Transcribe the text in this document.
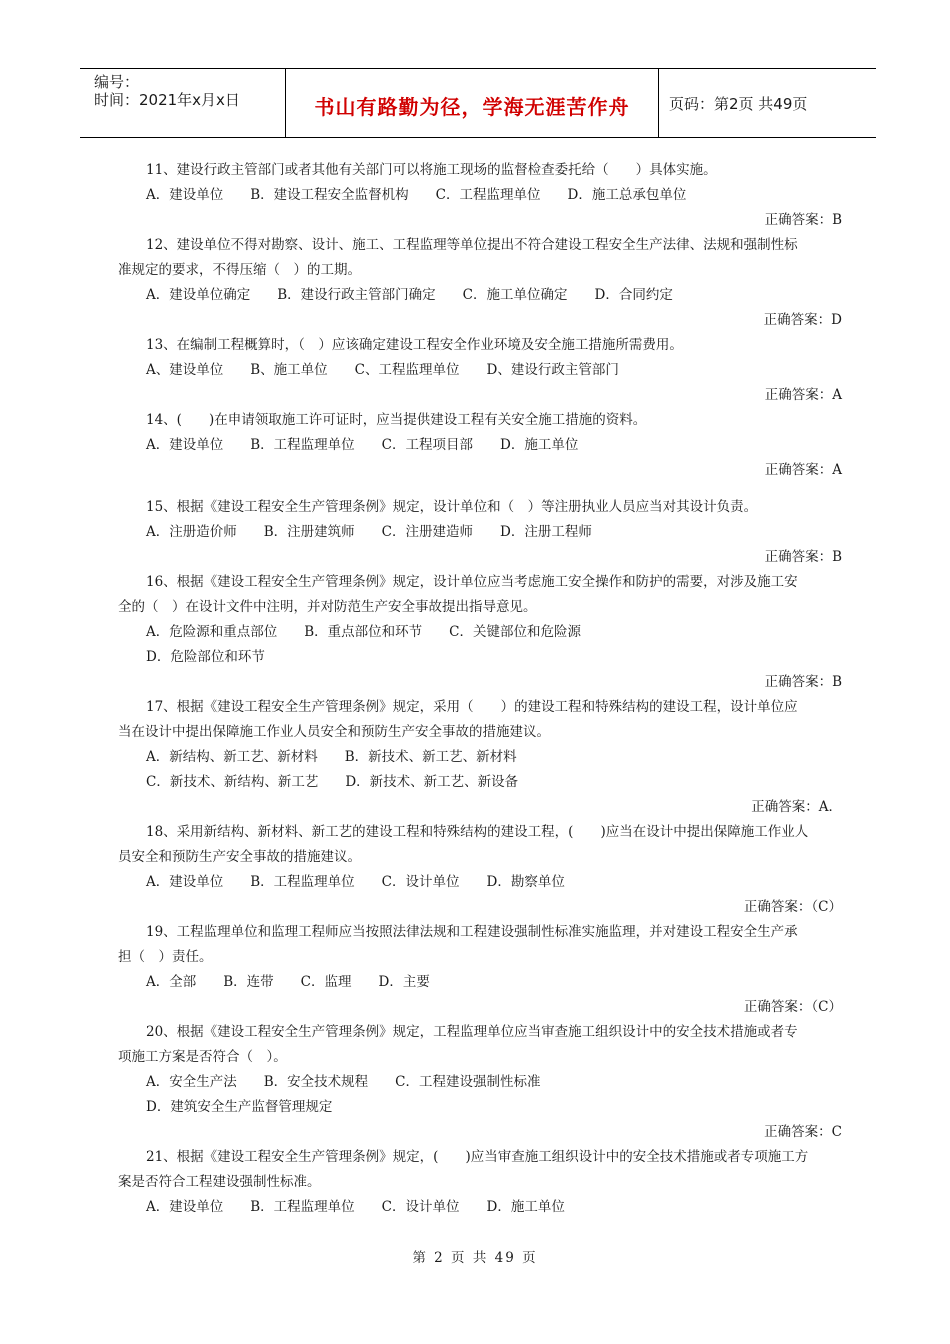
编号：
时间：2021年x月x日	书山有路勤为径，学海无涯苦作舟	页码：第2页 共49页
11、建设行政主管部门或者其他有关部门可以将施工现场的监督检查委托给（　　）具体实施。
A．建设单位　　B．建设工程安全监督机构　　C．工程监理单位　　D．施工总承包单位
正确答案：B
12、建设单位不得对勘察、设计、施工、工程监理等单位提出不符合建设工程安全生产法律、法规和强制性标
准规定的要求，不得压缩（　）的工期。
A．建设单位确定　　B．建设行政主管部门确定　　C．施工单位确定　　D．合同约定
正确答案：D
13、在编制工程概算时，（　）应该确定建设工程安全作业环境及安全施工措施所需费用。
A、建设单位　　B、施工单位　　C、工程监理单位　　D、建设行政主管部门
正确答案：A
14、(　　)在申请领取施工许可证时，应当提供建设工程有关安全施工措施的资料。
A．建设单位　　B．工程监理单位　　C．工程项目部　　D．施工单位
正确答案：A
15、根据《建设工程安全生产管理条例》规定，设计单位和（　）等注册执业人员应当对其设计负责。
A．注册造价师　　B．注册建筑师　　C．注册建造师　　D．注册工程师
正确答案：B
16、根据《建设工程安全生产管理条例》规定，设计单位应当考虑施工安全操作和防护的需要，对涉及施工安
全的（　）在设计文件中注明，并对防范生产安全事故提出指导意见。
A．危险源和重点部位　　B．重点部位和环节　　C．关键部位和危险源
D．危险部位和环节
正确答案：B
17、根据《建设工程安全生产管理条例》规定，采用（　　）的建设工程和特殊结构的建设工程，设计单位应
当在设计中提出保障施工作业人员安全和预防生产安全事故的措施建议。
A．新结构、新工艺、新材料　　B．新技术、新工艺、新材料
C．新技术、新结构、新工艺　　D．新技术、新工艺、新设备
正确答案：A．
18、采用新结构、新材料、新工艺的建设工程和特殊结构的建设工程，(　　)应当在设计中提出保障施工作业人
员安全和预防生产安全事故的措施建议。
A．建设单位　　B．工程监理单位　　C．设计单位　　D．勘察单位
正确答案：（C）
19、工程监理单位和监理工程师应当按照法律法规和工程建设强制性标准实施监理，并对建设工程安全生产承
担（　）责任。
A．全部　　B．连带　　C．监理　　D．主要
正确答案：（C）
20、根据《建设工程安全生产管理条例》规定，工程监理单位应当审查施工组织设计中的安全技术措施或者专
项施工方案是否符合（　）。
A．安全生产法　　B．安全技术规程　　C．工程建设强制性标准
D．建筑安全生产监督管理规定
正确答案：C
21、根据《建设工程安全生产管理条例》规定，(　　)应当审查施工组织设计中的安全技术措施或者专项施工方
案是否符合工程建设强制性标准。
A．建设单位　　B．工程监理单位　　C．设计单位　　D．施工单位
第 2 页 共 49 页
